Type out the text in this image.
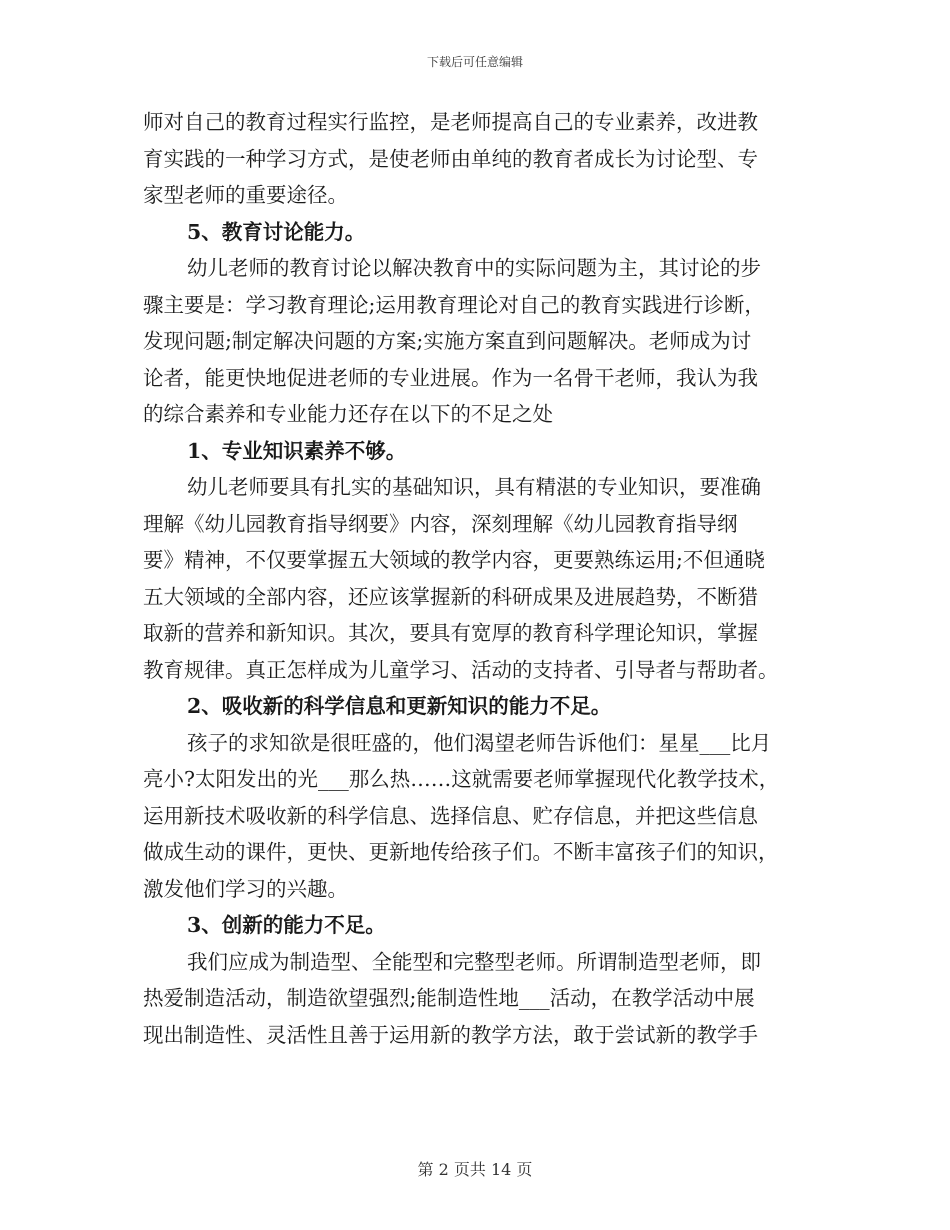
下载后可任意编辑
师对自己的教育过程实行监控，是老师提高自己的专业素养，改进教
育实践的一种学习方式，是使老师由单纯的教育者成长为讨论型、专
家型老师的重要途径。
5、教育讨论能力。
幼儿老师的教育讨论以解决教育中的实际问题为主，其讨论的步
骤主要是：学习教育理论;运用教育理论对自己的教育实践进行诊断，
发现问题;制定解决问题的方案;实施方案直到问题解决。老师成为讨
论者，能更快地促进老师的专业进展。作为一名骨干老师，我认为我
的综合素养和专业能力还存在以下的不足之处
1、专业知识素养不够。
幼儿老师要具有扎实的基础知识，具有精湛的专业知识，要准确
理解《幼儿园教育指导纲要》内容，深刻理解《幼儿园教育指导纲
要》精神，不仅要掌握五大领域的教学内容，更要熟练运用;不但通晓
五大领域的全部内容，还应该掌握新的科研成果及进展趋势，不断猎
取新的营养和新知识。其次，要具有宽厚的教育科学理论知识，掌握
教育规律。真正怎样成为儿童学习、活动的支持者、引导者与帮助者。
2、吸收新的科学信息和更新知识的能力不足。
孩子的求知欲是很旺盛的，他们渴望老师告诉他们：星星___比月
亮小?太阳发出的光___那么热……这就需要老师掌握现代化教学技术，
运用新技术吸收新的科学信息、选择信息、贮存信息，并把这些信息
做成生动的课件，更快、更新地传给孩子们。不断丰富孩子们的知识，
激发他们学习的兴趣。
3、创新的能力不足。
我们应成为制造型、全能型和完整型老师。所谓制造型老师，即
热爱制造活动，制造欲望强烈;能制造性地___活动，在教学活动中展
现出制造性、灵活性且善于运用新的教学方法，敢于尝试新的教学手
第 2 页共 14 页
